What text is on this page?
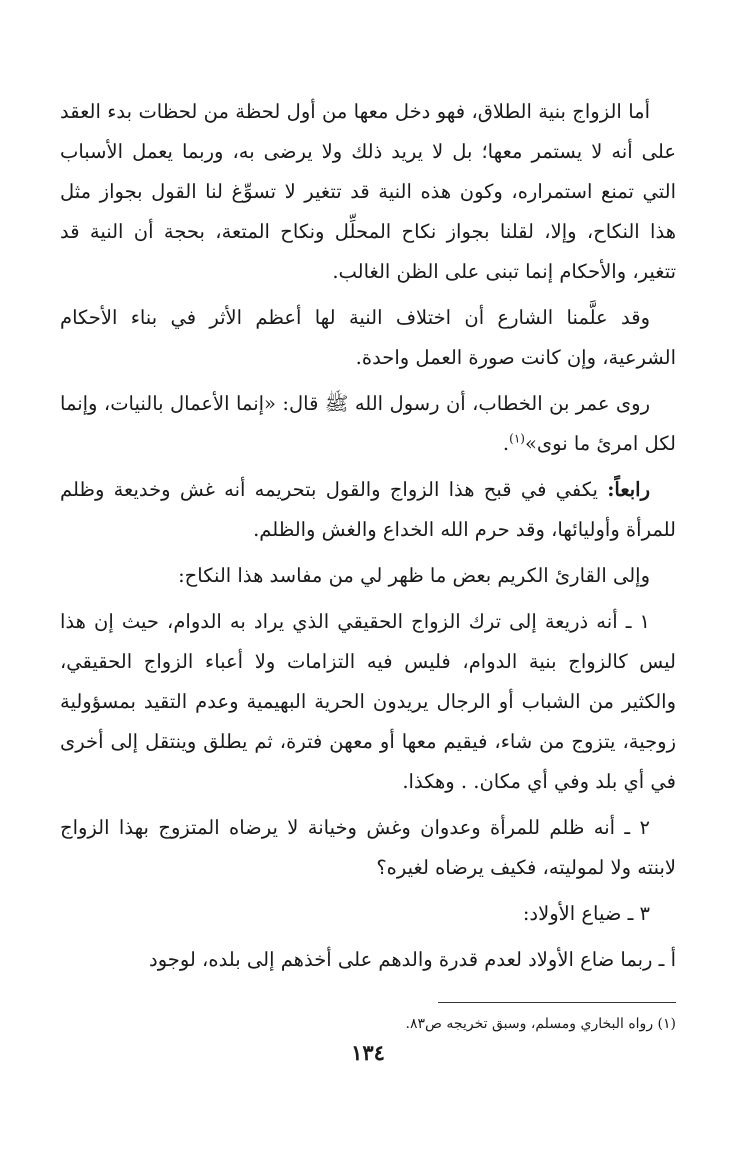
أما الزواج بنية الطلاق، فهو دخل معها من أول لحظة من لحظات بدء العقد على أنه لا يستمر معها؛ بل لا يريد ذلك ولا يرضى به، وربما يعمل الأسباب التي تمنع استمراره، وكون هذه النية قد تتغير لا تسوِّغ لنا القول بجواز مثل هذا النكاح، وإلا، لقلنا بجواز نكاح المحلِّل ونكاح المتعة، بحجة أن النية قد تتغير، والأحكام إنما تبنى على الظن الغالب.

وقد علَّمنا الشارع أن اختلاف النية لها أعظم الأثر في بناء الأحكام الشرعية، وإن كانت صورة العمل واحدة.

روى عمر بن الخطاب، أن رسول الله ﷺ قال: «إنما الأعمال بالنيات، وإنما لكل امرئ ما نوى»$^{(١)}$.

رابعاً: يكفي في قبح هذا الزواج والقول بتحريمه أنه غش وخديعة وظلم للمرأة وأوليائها، وقد حرم الله الخداع والغش والظلم.

وإلى القارئ الكريم بعض ما ظهر لي من مفاسد هذا النكاح:

١ ـ أنه ذريعة إلى ترك الزواج الحقيقي الذي يراد به الدوام، حيث إن هذا ليس كالزواج بنية الدوام، فليس فيه التزامات ولا أعباء الزواج الحقيقي، والكثير من الشباب أو الرجال يريدون الحرية البهيمية وعدم التقيد بمسؤولية زوجية، يتزوج من شاء، فيقيم معها أو معهن فترة، ثم يطلق وينتقل إلى أخرى في أي بلد وفي أي مكان. . وهكذا.

٢ ـ أنه ظلم للمرأة وعدوان وغش وخيانة لا يرضاه المتزوج بهذا الزواج لابنته ولا لموليته، فكيف يرضاه لغيره؟

٣ ـ ضياع الأولاد:

أ ـ ربما ضاع الأولاد لعدم قدرة والدهم على أخذهم إلى بلده، لوجود

(١) رواه البخاري ومسلم، وسبق تخريجه ص٨٣.

١٣٤
